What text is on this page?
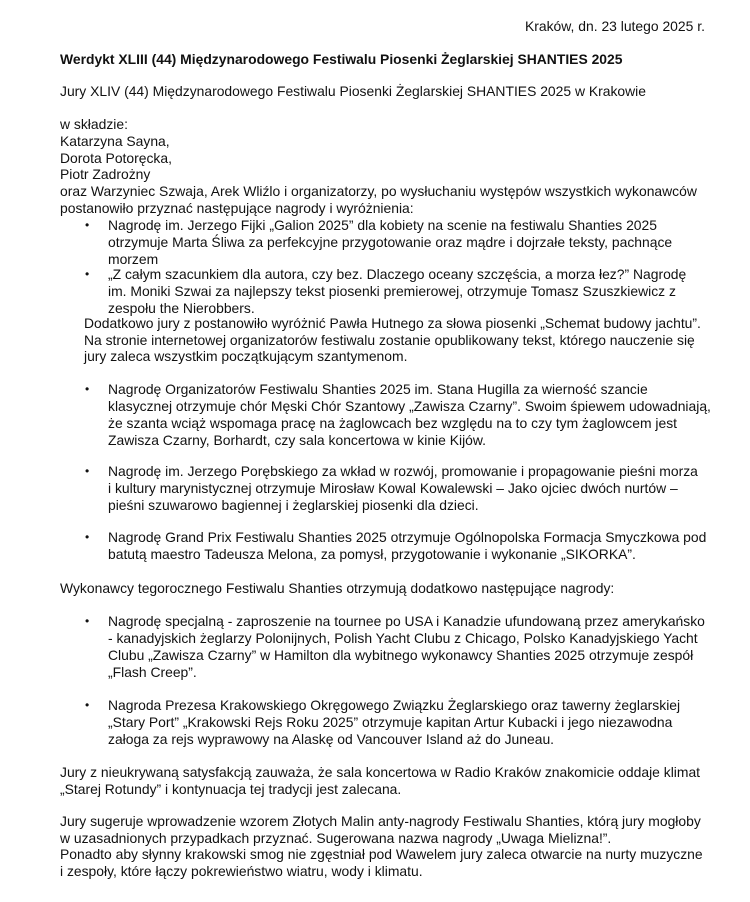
Kraków, dn. 23 lutego 2025 r.
Werdykt XLIII (44) Międzynarodowego Festiwalu Piosenki Żeglarskiej SHANTIES 2025
Jury XLIV (44) Międzynarodowego Festiwalu Piosenki Żeglarskiej SHANTIES 2025 w Krakowie
w składzie:
Katarzyna Sayna,
Dorota Potoręcka,
Piotr Zadrożny
oraz Warzyniec Szwaja, Arek Wliźlo i organizatorzy, po wysłuchaniu występów wszystkich wykonawców
postanowiło przyznać następujące nagrody i wyróżnienia:
• Nagrodę im. Jerzego Fijki „Galion 2025” dla kobiety na scenie na festiwalu Shanties 2025
otrzymuje Marta Śliwa za perfekcyjne przygotowanie oraz mądre i dojrzałe teksty, pachnące
morzem
• „Z całym szacunkiem dla autora, czy bez. Dlaczego oceany szczęścia, a morza łez?” Nagrodę
im. Moniki Szwai za najlepszy tekst piosenki premierowej, otrzymuje Tomasz Szuszkiewicz z
zespołu the Nierobbers.
Dodatkowo jury z postanowiło wyróżnić Pawła Hutnego za słowa piosenki „Schemat budowy jachtu”.
Na stronie internetowej organizatorów festiwalu zostanie opublikowany tekst, którego nauczenie się
jury zaleca wszystkim początkującym szantymenom.
• Nagrodę Organizatorów Festiwalu Shanties 2025 im. Stana Hugilla za wierność szancie
klasycznej otrzymuje chór Męski Chór Szantowy „Zawisza Czarny”. Swoim śpiewem udowadniają,
że szanta wciąż wspomaga pracę na żaglowcach bez względu na to czy tym żaglowcem jest
Zawisza Czarny, Borhardt, czy sala koncertowa w kinie Kijów.
• Nagrodę im. Jerzego Porębskiego za wkład w rozwój, promowanie i propagowanie pieśni morza
i kultury marynistycznej otrzymuje Mirosław Kowal Kowalewski – Jako ojciec dwóch nurtów –
pieśni szuwarowo bagiennej i żeglarskiej piosenki dla dzieci.
• Nagrodę Grand Prix Festiwalu Shanties 2025 otrzymuje Ogólnopolska Formacja Smyczkowa pod
batutą maestro Tadeusza Melona, za pomysł, przygotowanie i wykonanie „SIKORKA”.
Wykonawcy tegorocznego Festiwalu Shanties otrzymują dodatkowo następujące nagrody:
• Nagrodę specjalną - zaproszenie na tournee po USA i Kanadzie ufundowaną przez amerykańsko
- kanadyjskich żeglarzy Polonijnych, Polish Yacht Clubu z Chicago, Polsko Kanadyjskiego Yacht
Clubu „Zawisza Czarny” w Hamilton dla wybitnego wykonawcy Shanties 2025 otrzymuje zespół
„Flash Creep”.
• Nagroda Prezesa Krakowskiego Okręgowego Związku Żeglarskiego oraz tawerny żeglarskiej
„Stary Port” „Krakowski Rejs Roku 2025” otrzymuje kapitan Artur Kubacki i jego niezawodna
załoga za rejs wyprawowy na Alaskę od Vancouver Island aż do Juneau.
Jury z nieukrywaną satysfakcją zauważa, że sala koncertowa w Radio Kraków znakomicie oddaje klimat
„Starej Rotundy” i kontynuacja tej tradycji jest zalecana.
Jury sugeruje wprowadzenie wzorem Złotych Malin anty-nagrody Festiwalu Shanties, którą jury mogłoby
w uzasadnionych przypadkach przyznać. Sugerowana nazwa nagrody „Uwaga Mielizna!”.
Ponadto aby słynny krakowski smog nie zgęstniał pod Wawelem jury zaleca otwarcie na nurty muzyczne
i zespoły, które łączy pokrewieństwo wiatru, wody i klimatu.
